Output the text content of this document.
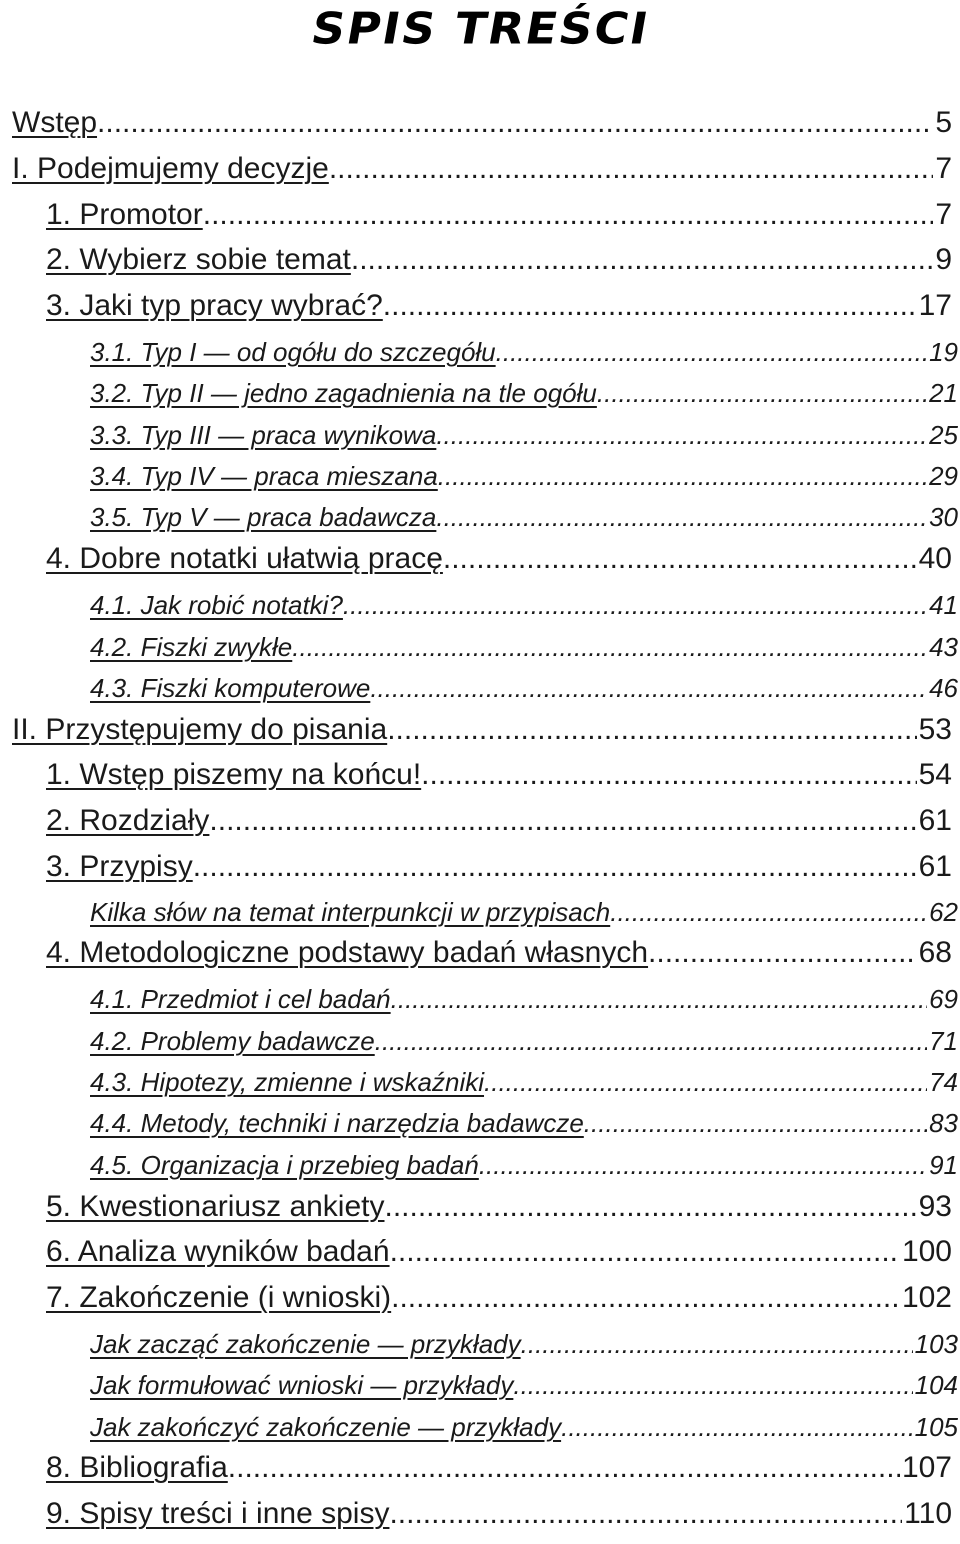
SPIS TREŚCI
Wstęp .....	5
I. Podejmujemy decyzje .....	7
1. Promotor .....	7
2. Wybierz sobie temat .....	9
3. Jaki typ pracy wybrać? .....	17
3.1. Typ I — od ogółu do szczegółu .....	19
3.2. Typ II — jedno zagadnienia na tle ogółu .....	21
3.3. Typ III — praca wynikowa .....	25
3.4. Typ IV — praca mieszana .....	29
3.5. Typ V — praca badawcza .....	30
4. Dobre notatki ułatwią pracę .....	40
4.1. Jak robić notatki? .....	41
4.2. Fiszki zwykłe .....	43
4.3. Fiszki komputerowe .....	46
II. Przystępujemy do pisania .....	53
1. Wstęp piszemy na końcu! .....	54
2. Rozdziały .....	61
3. Przypisy .....	61
Kilka słów na temat interpunkcji w przypisach .....	62
4. Metodologiczne podstawy badań własnych .....	68
4.1. Przedmiot i cel badań .....	69
4.2. Problemy badawcze .....	71
4.3. Hipotezy, zmienne i wskaźniki .....	74
4.4. Metody, techniki i narzędzia badawcze .....	83
4.5. Organizacja i przebieg badań .....	91
5. Kwestionariusz ankiety .....	93
6. Analiza wyników badań .....	100
7. Zakończenie (i wnioski) .....	102
Jak zacząć zakończenie — przykłady .....	103
Jak formułować wnioski — przykłady .....	104
Jak zakończyć zakończenie — przykłady .....	105
8. Bibliografia .....	107
9. Spisy treści i inne spisy .....	110
